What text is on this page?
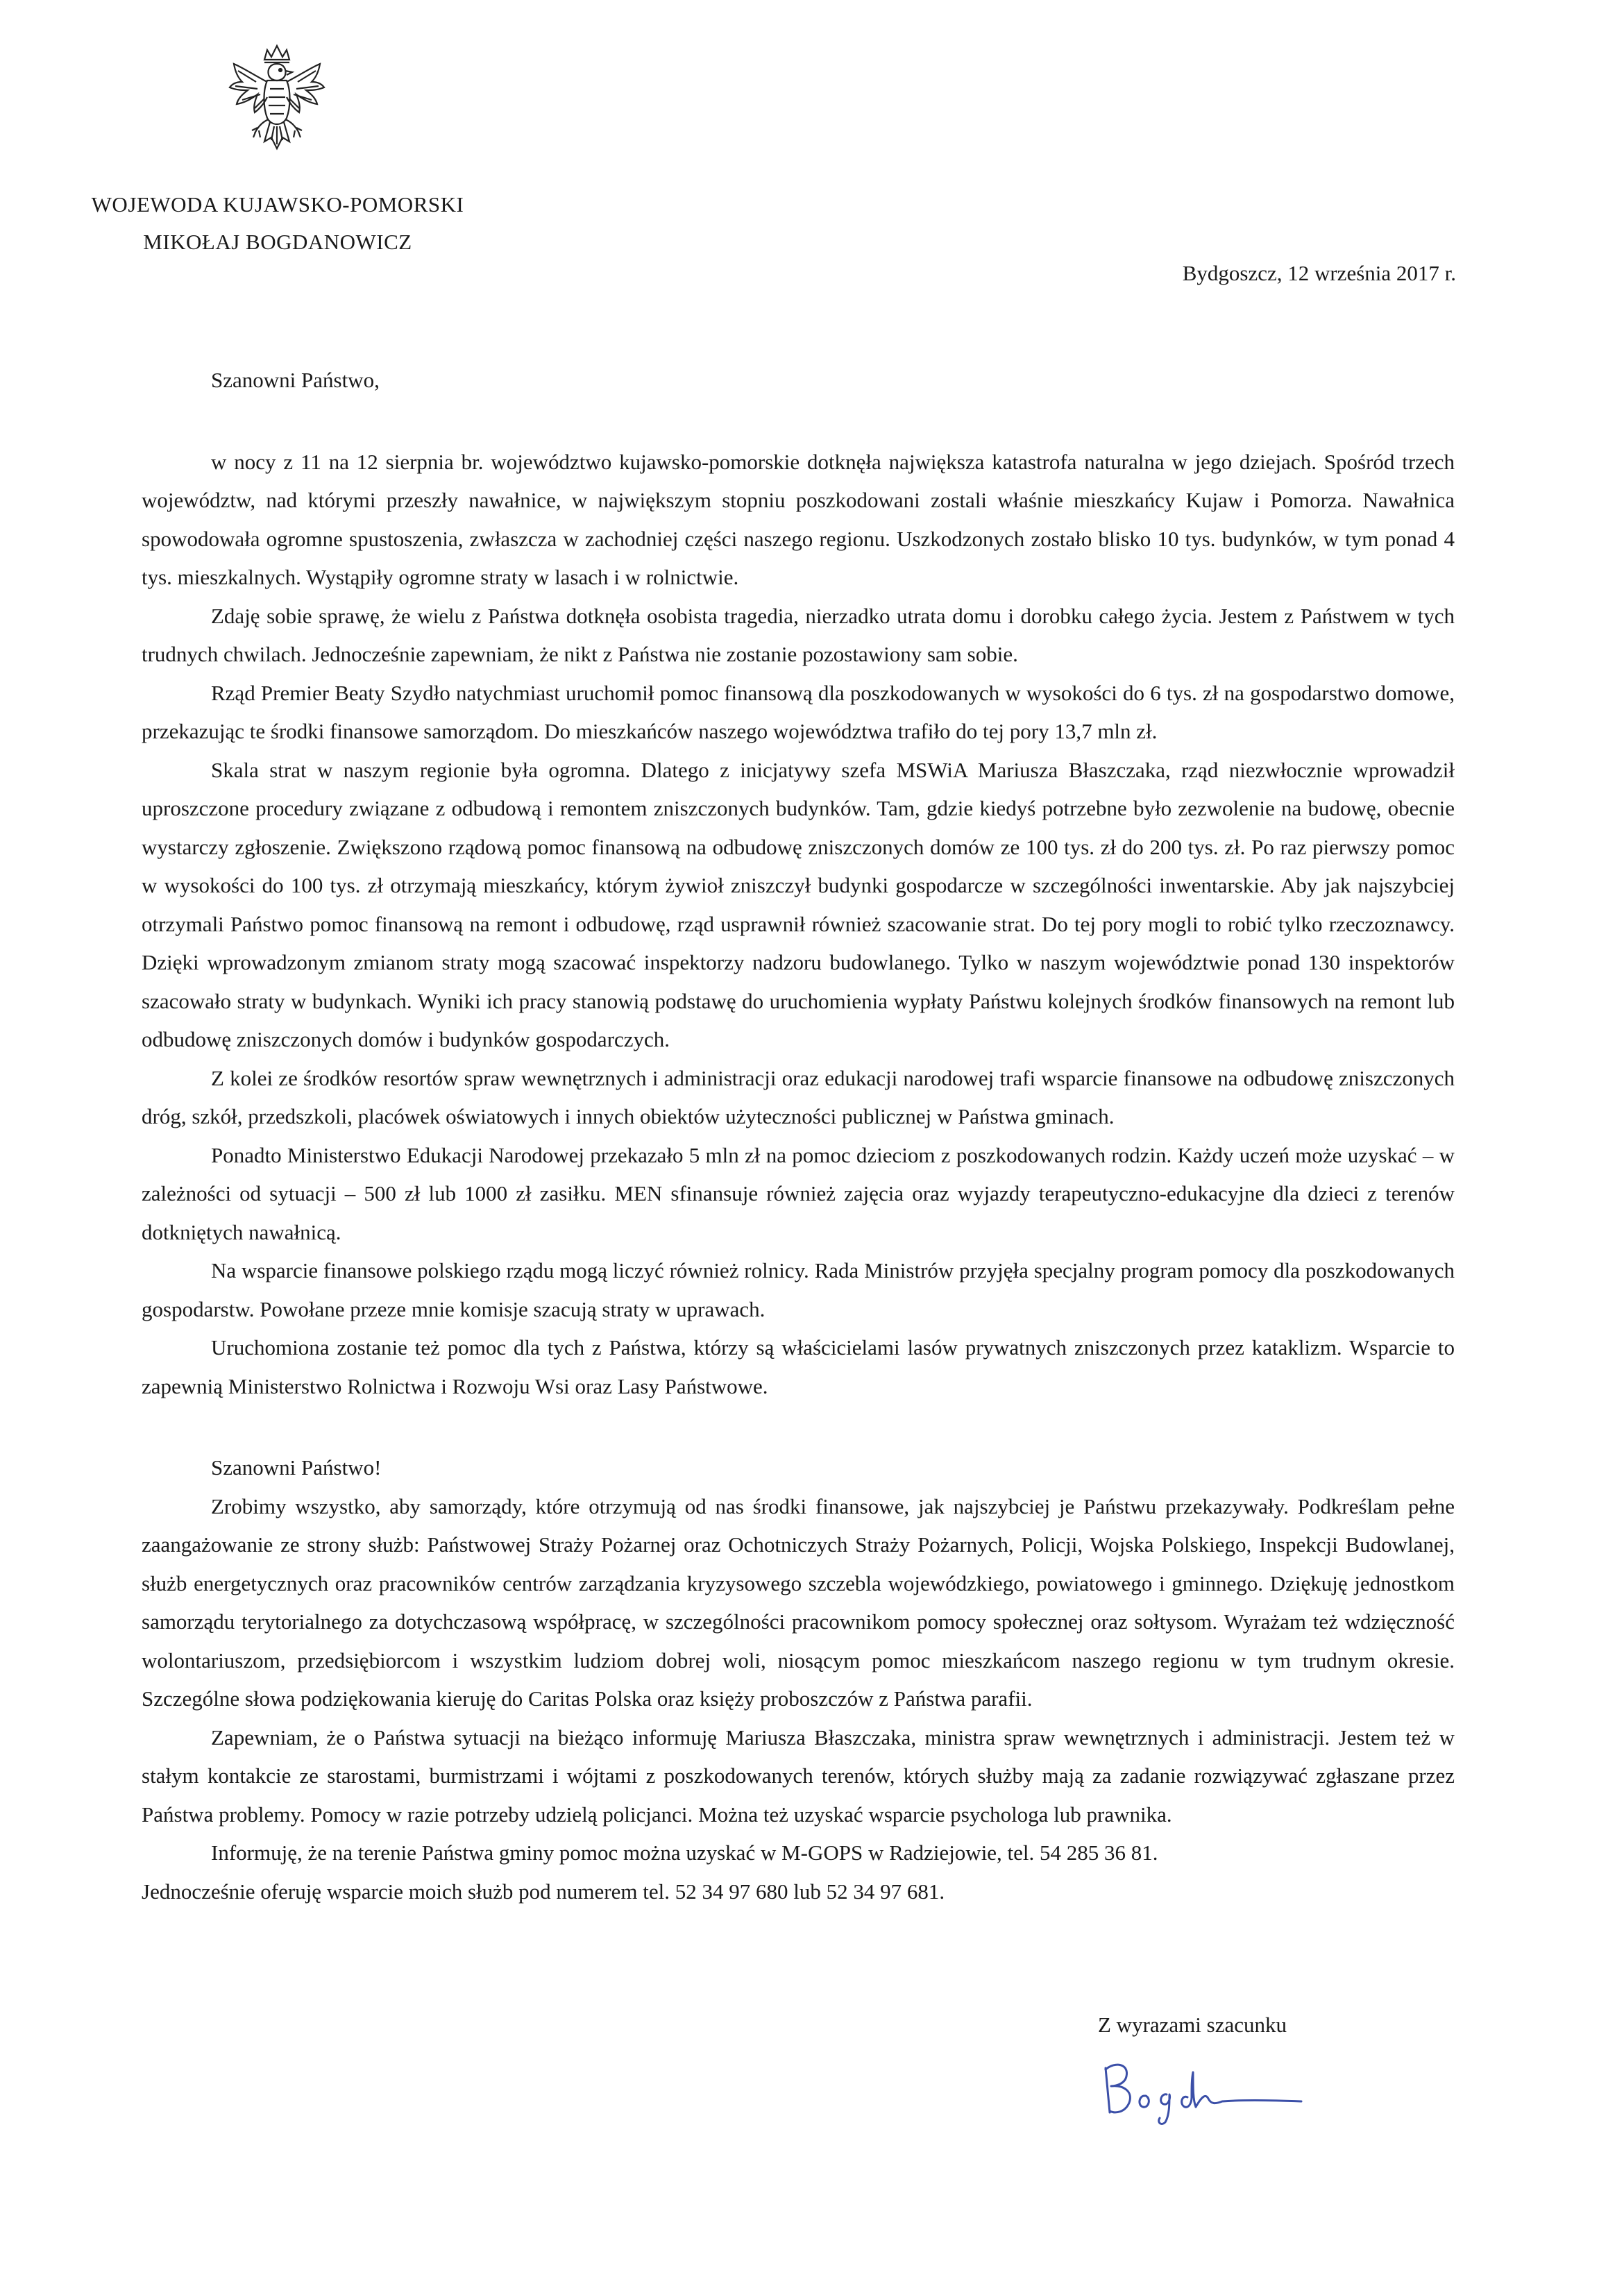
WOJEWODA KUJAWSKO-POMORSKI
MIKOŁAJ BOGDANOWICZ
Bydgoszcz, 12 września 2017 r.

Szanowni Państwo,

w nocy z 11 na 12 sierpnia br. województwo kujawsko-pomorskie dotknęła największa katastrofa naturalna w jego dziejach. Spośród trzech województw, nad którymi przeszły nawałnice, w największym stopniu poszkodowani zostali właśnie mieszkańcy Kujaw i Pomorza. Nawałnica spowodowała ogromne spustoszenia, zwłaszcza w zachodniej części naszego regionu. Uszkodzonych zostało blisko 10 tys. budynków, w tym ponad 4 tys. mieszkalnych. Wystąpiły ogromne straty w lasach i w rolnictwie.

Zdaję sobie sprawę, że wielu z Państwa dotknęła osobista tragedia, nierzadko utrata domu i dorobku całego życia. Jestem z Państwem w tych trudnych chwilach. Jednocześnie zapewniam, że nikt z Państwa nie zostanie pozostawiony sam sobie.

Rząd Premier Beaty Szydło natychmiast uruchomił pomoc finansową dla poszkodowanych w wysokości do 6 tys. zł na gospodarstwo domowe, przekazując te środki finansowe samorządom. Do mieszkańców naszego województwa trafiło do tej pory 13,7 mln zł.

Skala strat w naszym regionie była ogromna. Dlatego z inicjatywy szefa MSWiA Mariusza Błaszczaka, rząd niezwłocznie wprowadził uproszczone procedury związane z odbudową i remontem zniszczonych budynków. Tam, gdzie kiedyś potrzebne było zezwolenie na budowę, obecnie wystarczy zgłoszenie. Zwiększono rządową pomoc finansową na odbudowę zniszczonych domów ze 100 tys. zł do 200 tys. zł. Po raz pierwszy pomoc w wysokości do 100 tys. zł otrzymają mieszkańcy, którym żywioł zniszczył budynki gospodarcze w szczególności inwentarskie. Aby jak najszybciej otrzymali Państwo pomoc finansową na remont i odbudowę, rząd usprawnił również szacowanie strat. Do tej pory mogli to robić tylko rzeczoznawcy. Dzięki wprowadzonym zmianom straty mogą szacować inspektorzy nadzoru budowlanego. Tylko w naszym województwie ponad 130 inspektorów szacowało straty w budynkach. Wyniki ich pracy stanowią podstawę do uruchomienia wypłaty Państwu kolejnych środków finansowych na remont lub odbudowę zniszczonych domów i budynków gospodarczych.

Z kolei ze środków resortów spraw wewnętrznych i administracji oraz edukacji narodowej trafi wsparcie finansowe na odbudowę zniszczonych dróg, szkół, przedszkoli, placówek oświatowych i innych obiektów użyteczności publicznej w Państwa gminach.

Ponadto Ministerstwo Edukacji Narodowej przekazało 5 mln zł na pomoc dzieciom z poszkodowanych rodzin. Każdy uczeń może uzyskać – w zależności od sytuacji – 500 zł lub 1000 zł zasiłku. MEN sfinansuje również zajęcia oraz wyjazdy terapeutyczno-edukacyjne dla dzieci z terenów dotkniętych nawałnicą.

Na wsparcie finansowe polskiego rządu mogą liczyć również rolnicy. Rada Ministrów przyjęła specjalny program pomocy dla poszkodowanych gospodarstw. Powołane przeze mnie komisje szacują straty w uprawach.

Uruchomiona zostanie też pomoc dla tych z Państwa, którzy są właścicielami lasów prywatnych zniszczonych przez kataklizm. Wsparcie to zapewnią Ministerstwo Rolnictwa i Rozwoju Wsi oraz Lasy Państwowe.

Szanowni Państwo!

Zrobimy wszystko, aby samorządy, które otrzymują od nas środki finansowe, jak najszybciej je Państwu przekazywały. Podkreślam pełne zaangażowanie ze strony służb: Państwowej Straży Pożarnej oraz Ochotniczych Straży Pożarnych, Policji, Wojska Polskiego, Inspekcji Budowlanej, służb energetycznych oraz pracowników centrów zarządzania kryzysowego szczebla wojewódzkiego, powiatowego i gminnego. Dziękuję jednostkom samorządu terytorialnego za dotychczasową współpracę, w szczególności pracownikom pomocy społecznej oraz sołtysom. Wyrażam też wdzięczność wolontariuszom, przedsiębiorcom i wszystkim ludziom dobrej woli, niosącym pomoc mieszkańcom naszego regionu w tym trudnym okresie. Szczególne słowa podziękowania kieruję do Caritas Polska oraz księży proboszczów z Państwa parafii.

Zapewniam, że o Państwa sytuacji na bieżąco informuję Mariusza Błaszczaka, ministra spraw wewnętrznych i administracji. Jestem też w stałym kontakcie ze starostami, burmistrzami i wójtami z poszkodowanych terenów, których służby mają za zadanie rozwiązywać zgłaszane przez Państwa problemy. Pomocy w razie potrzeby udzielą policjanci. Można też uzyskać wsparcie psychologa lub prawnika.

Informuję, że na terenie Państwa gminy pomoc można uzyskać w M-GOPS w Radziejowie, tel. 54 285 36 81.

Jednocześnie oferuję wsparcie moich służb pod numerem tel. 52 34 97 680 lub 52 34 97 681.

Z wyrazami szacunku
